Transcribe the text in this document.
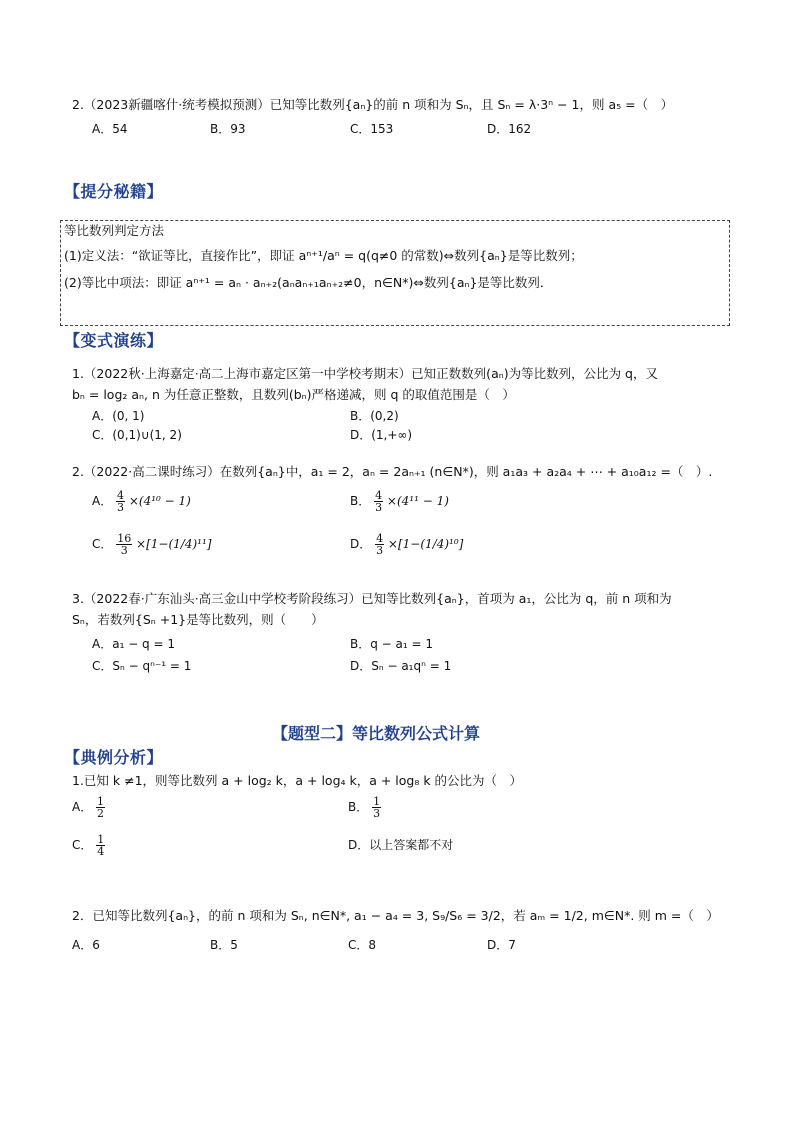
2.（2023新疆喀什·统考模拟预测）已知等比数列{aₙ}的前 n 项和为 Sₙ，且 Sₙ = λ·3ⁿ − 1，则 a₅ =（　）
A．54	B．93	C．153	D．162
【提分秘籍】
等比数列判定方法
(1)定义法：“欲证等比，直接作比”，即证 aⁿ⁺¹/aⁿ = q(q≠0 的常数)⇔数列{aₙ}是等比数列；
(2)等比中项法：即证 aⁿ⁺¹ = aₙ · aₙ₊₂(aₙaₙ₊₁aₙ₊₂≠0，n∈N*)⇔数列{aₙ}是等比数列．
【变式演练】
1.（2022秋·上海嘉定·高二上海市嘉定区第一中学校考期末）已知正数数列(aₙ)为等比数列，公比为 q，又
bₙ = log₂ aₙ, n 为任意正整数，且数列(bₙ)严格递减，则 q 的取值范围是（　）
A．(0, 1)	B．(0,2)
C．(0,1)∪(1, 2)	D．(1,+∞)
2.（2022·高二课时练习）在数列{aₙ}中，a₁ = 2，aₙ = 2aₙ₊₁ (n∈N*)，则 a₁a₃ + a₂a₄ + ⋯ + a₁₀a₁₂ =（　）.
A． $\frac{4}{3} \times(4^{10} - 1)$	B． $\frac{4}{3} \times(4^{11} - 1)$
C． $\frac{16}{3} \times[1-(1/4)^{11}]$	D． $\frac{4}{3} \times[1-(1/4)^{10}]$
3.（2022春·广东汕头·高三金山中学校考阶段练习）已知等比数列{aₙ}，首项为 a₁，公比为 q，前 n 项和为
Sₙ，若数列{Sₙ +1}是等比数列，则（　　）
A．a₁ − q = 1	B．q − a₁ = 1
C．Sₙ − qⁿ⁻¹ = 1	D．Sₙ − a₁qⁿ = 1
【题型二】等比数列公式计算
【典例分析】
1.已知 k ≠1，则等比数列 a + log₂ k，a + log₄ k，a + log₈ k 的公比为（　）
A． $\frac{1}{2}$	B． $\frac{1}{3}$
C． $\frac{1}{4}$	D．以上答案都不对
2．已知等比数列{aₙ}，的前 n 项和为 Sₙ, n∈N*, a₁ − a₄ = 3, S₉/S₆ = 3/2，若 aₘ = 1/2, m∈N*. 则 m =（　）
A．6	B．5	C．8	D．7
